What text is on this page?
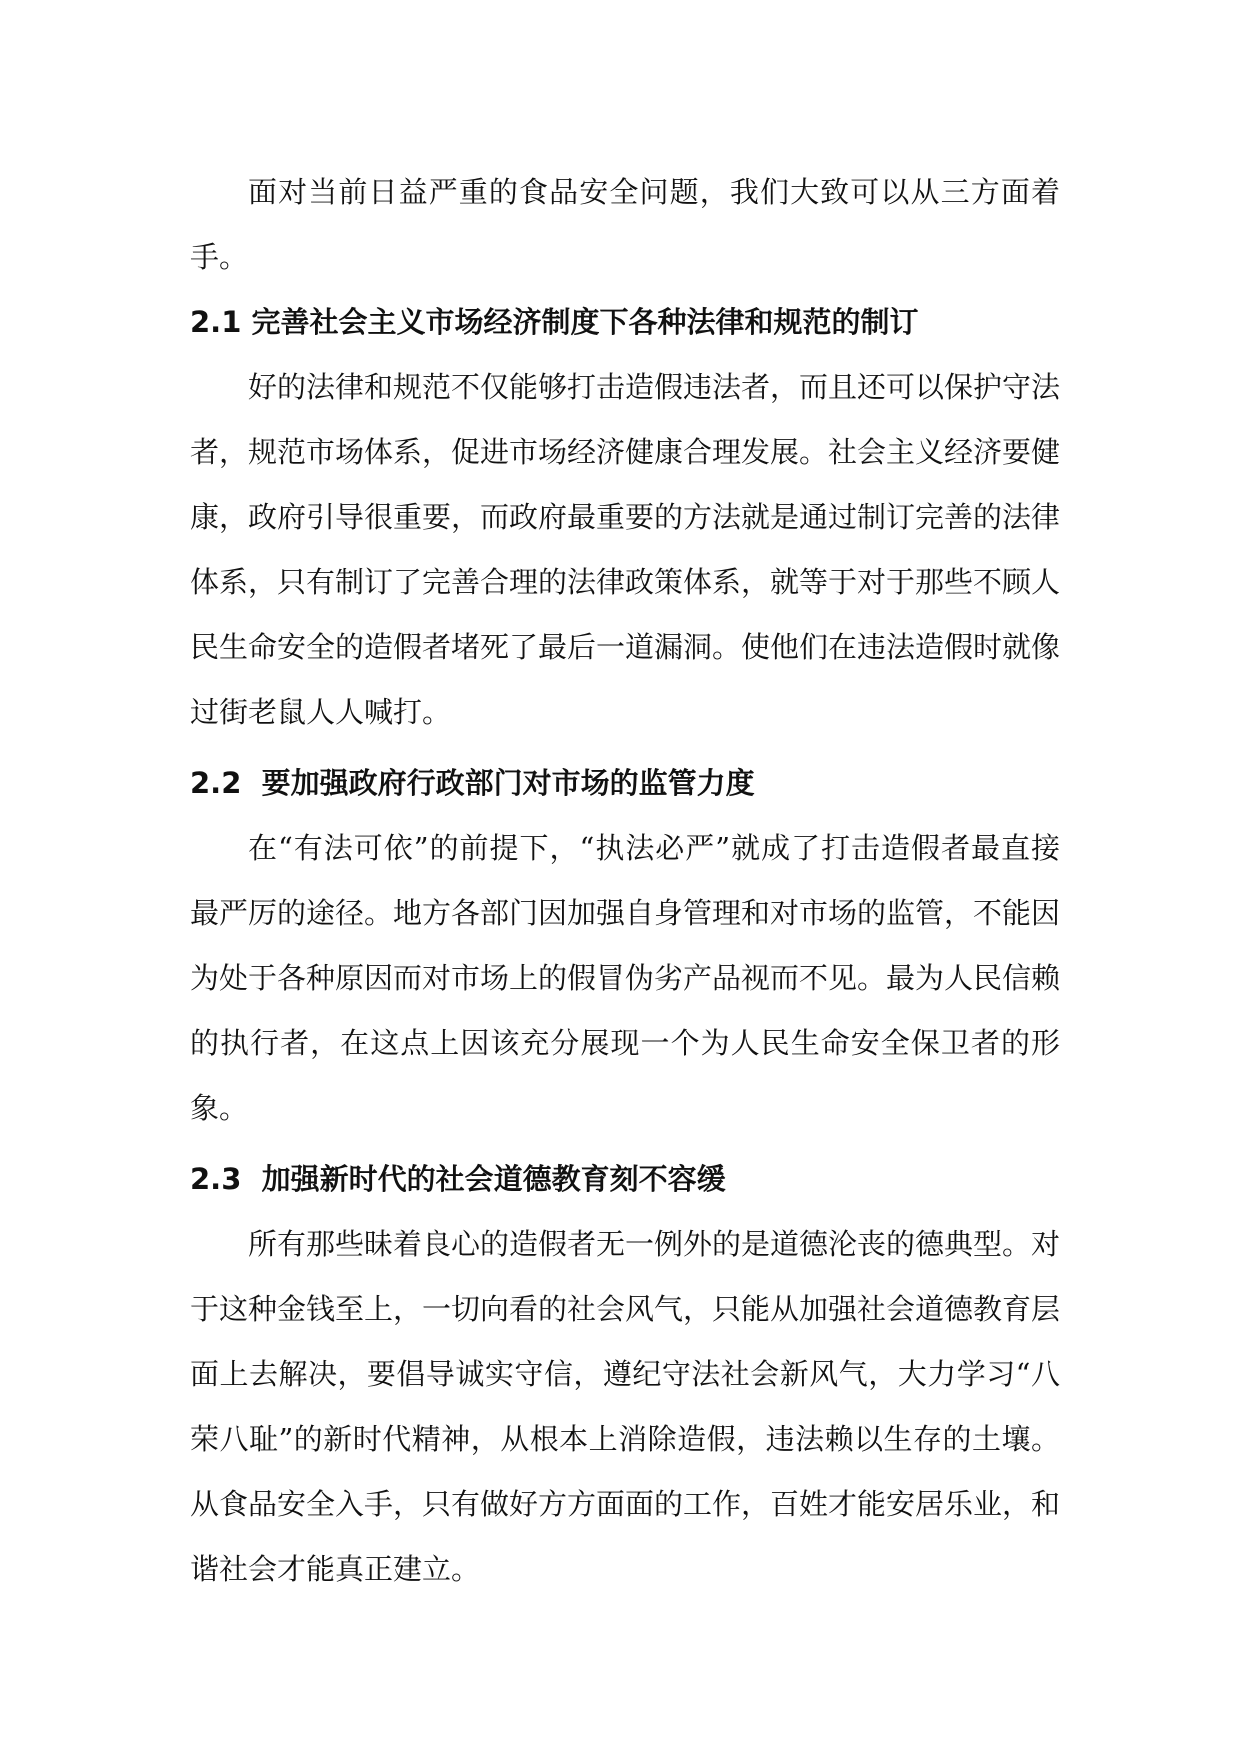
面对当前日益严重的食品安全问题，我们大致可以从三方面着手。

2.1 完善社会主义市场经济制度下各种法律和规范的制订

好的法律和规范不仅能够打击造假违法者，而且还可以保护守法者，规范市场体系，促进市场经济健康合理发展。社会主义经济要健康，政府引导很重要，而政府最重要的方法就是通过制订完善的法律体系，只有制订了完善合理的法律政策体系，就等于对于那些不顾人民生命安全的造假者堵死了最后一道漏洞。使他们在违法造假时就像过街老鼠人人喊打。

2.2  要加强政府行政部门对市场的监管力度

在“有法可依”的前提下，“执法必严”就成了打击造假者最直接最严厉的途径。地方各部门因加强自身管理和对市场的监管，不能因为处于各种原因而对市场上的假冒伪劣产品视而不见。最为人民信赖的执行者，在这点上因该充分展现一个为人民生命安全保卫者的形象。

2.3  加强新时代的社会道德教育刻不容缓

所有那些昧着良心的造假者无一例外的是道德沦丧的德典型。对于这种金钱至上，一切向看的社会风气，只能从加强社会道德教育层面上去解决，要倡导诚实守信，遵纪守法社会新风气，大力学习“八荣八耻”的新时代精神，从根本上消除造假，违法赖以生存的土壤。从食品安全入手，只有做好方方面面的工作，百姓才能安居乐业，和谐社会才能真正建立。
